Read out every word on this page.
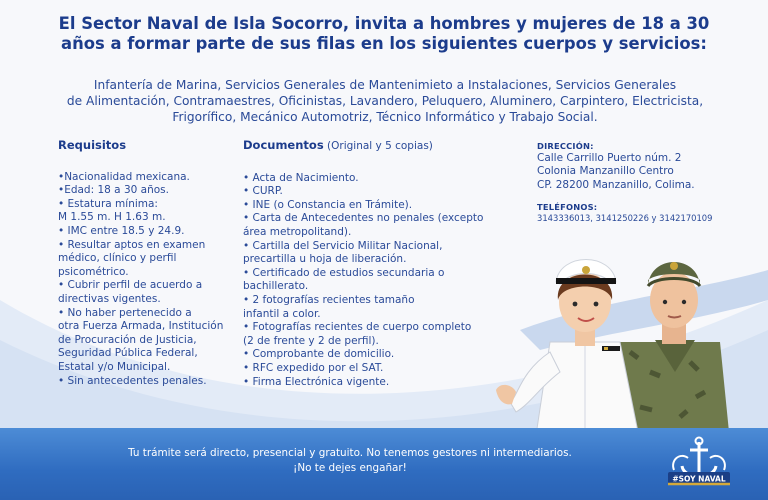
El Sector Naval de Isla Socorro, invita a hombres y mujeres de 18 a 30
años a formar parte de sus filas en los siguientes cuerpos y servicios:
Infantería de Marina, Servicios Generales de Mantenimieto a Instalaciones, Servicios Generales
de Alimentación, Contramaestres, Oficinistas, Lavandero, Peluquero, Aluminero, Carpintero, Electricista,
Frigorífico, Mecánico Automotriz, Técnico Informático y Trabajo Social.
Requisitos
•Nacionalidad mexicana.
•Edad: 18 a 30 años.
• Estatura mínima:
M 1.55 m. H 1.63 m.
• IMC entre 18.5 y 24.9.
• Resultar aptos en examen
médico, clínico y perfil
psicométrico.
• Cubrir perfil de acuerdo a
directivas vigentes.
• No haber pertenecido a
otra Fuerza Armada, Institución
de Procuración de Justicia,
Seguridad Pública Federal,
Estatal y/o Municipal.
• Sin antecedentes penales.
Documentos (Original y 5 copias)
• Acta de Nacimiento.
• CURP.
• INE (o Constancia en Trámite).
• Carta de Antecedentes no penales (excepto
área metropolitand).
• Cartilla del Servicio Militar Nacional,
precartilla u hoja de liberación.
• Certificado de estudios secundaria o
bachillerato.
• 2 fotografías recientes tamaño
infantil a color.
• Fotografías recientes de cuerpo completo
(2 de frente y 2 de perfil).
• Comprobante de domicilio.
• RFC expedido por el SAT.
• Firma Electrónica vigente.
DIRECCIÓN:
Calle Carrillo Puerto núm. 2
Colonia Manzanillo Centro
CP. 28200 Manzanillo, Colima.
TELÉFONOS:
3143336013, 3141250226 y 3142170109
Tu trámite será directo, presencial y gratuito. No tenemos gestores ni intermediarios.
¡No te dejes engañar!
#SOY NAVAL
